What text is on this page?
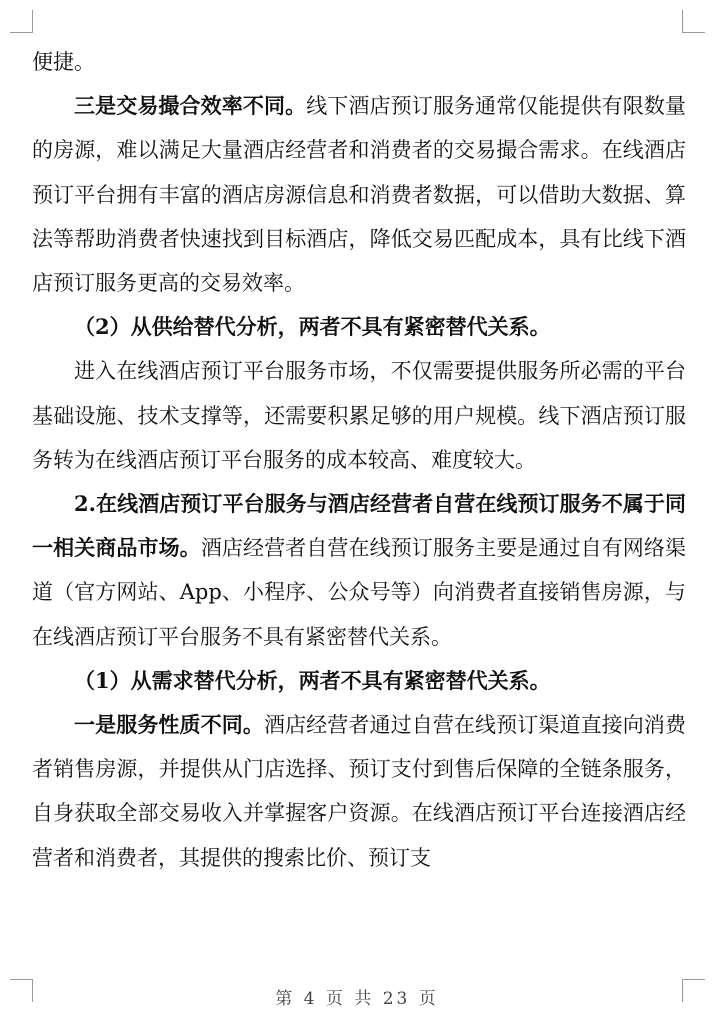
便捷。

三是交易撮合效率不同。线下酒店预订服务通常仅能提供有限数量的房源，难以满足大量酒店经营者和消费者的交易撮合需求。在线酒店预订平台拥有丰富的酒店房源信息和消费者数据，可以借助大数据、算法等帮助消费者快速找到目标酒店，降低交易匹配成本，具有比线下酒店预订服务更高的交易效率。

（2）从供给替代分析，两者不具有紧密替代关系。

进入在线酒店预订平台服务市场，不仅需要提供服务所必需的平台基础设施、技术支撑等，还需要积累足够的用户规模。线下酒店预订服务转为在线酒店预订平台服务的成本较高、难度较大。

2.在线酒店预订平台服务与酒店经营者自营在线预订服务不属于同一相关商品市场。酒店经营者自营在线预订服务主要是通过自有网络渠道（官方网站、App、小程序、公众号等）向消费者直接销售房源，与在线酒店预订平台服务不具有紧密替代关系。

（1）从需求替代分析，两者不具有紧密替代关系。

一是服务性质不同。酒店经营者通过自营在线预订渠道直接向消费者销售房源，并提供从门店选择、预订支付到售后保障的全链条服务，自身获取全部交易收入并掌握客户资源。在线酒店预订平台连接酒店经营者和消费者，其提供的搜索比价、预订支

第 4 页 共 23 页
